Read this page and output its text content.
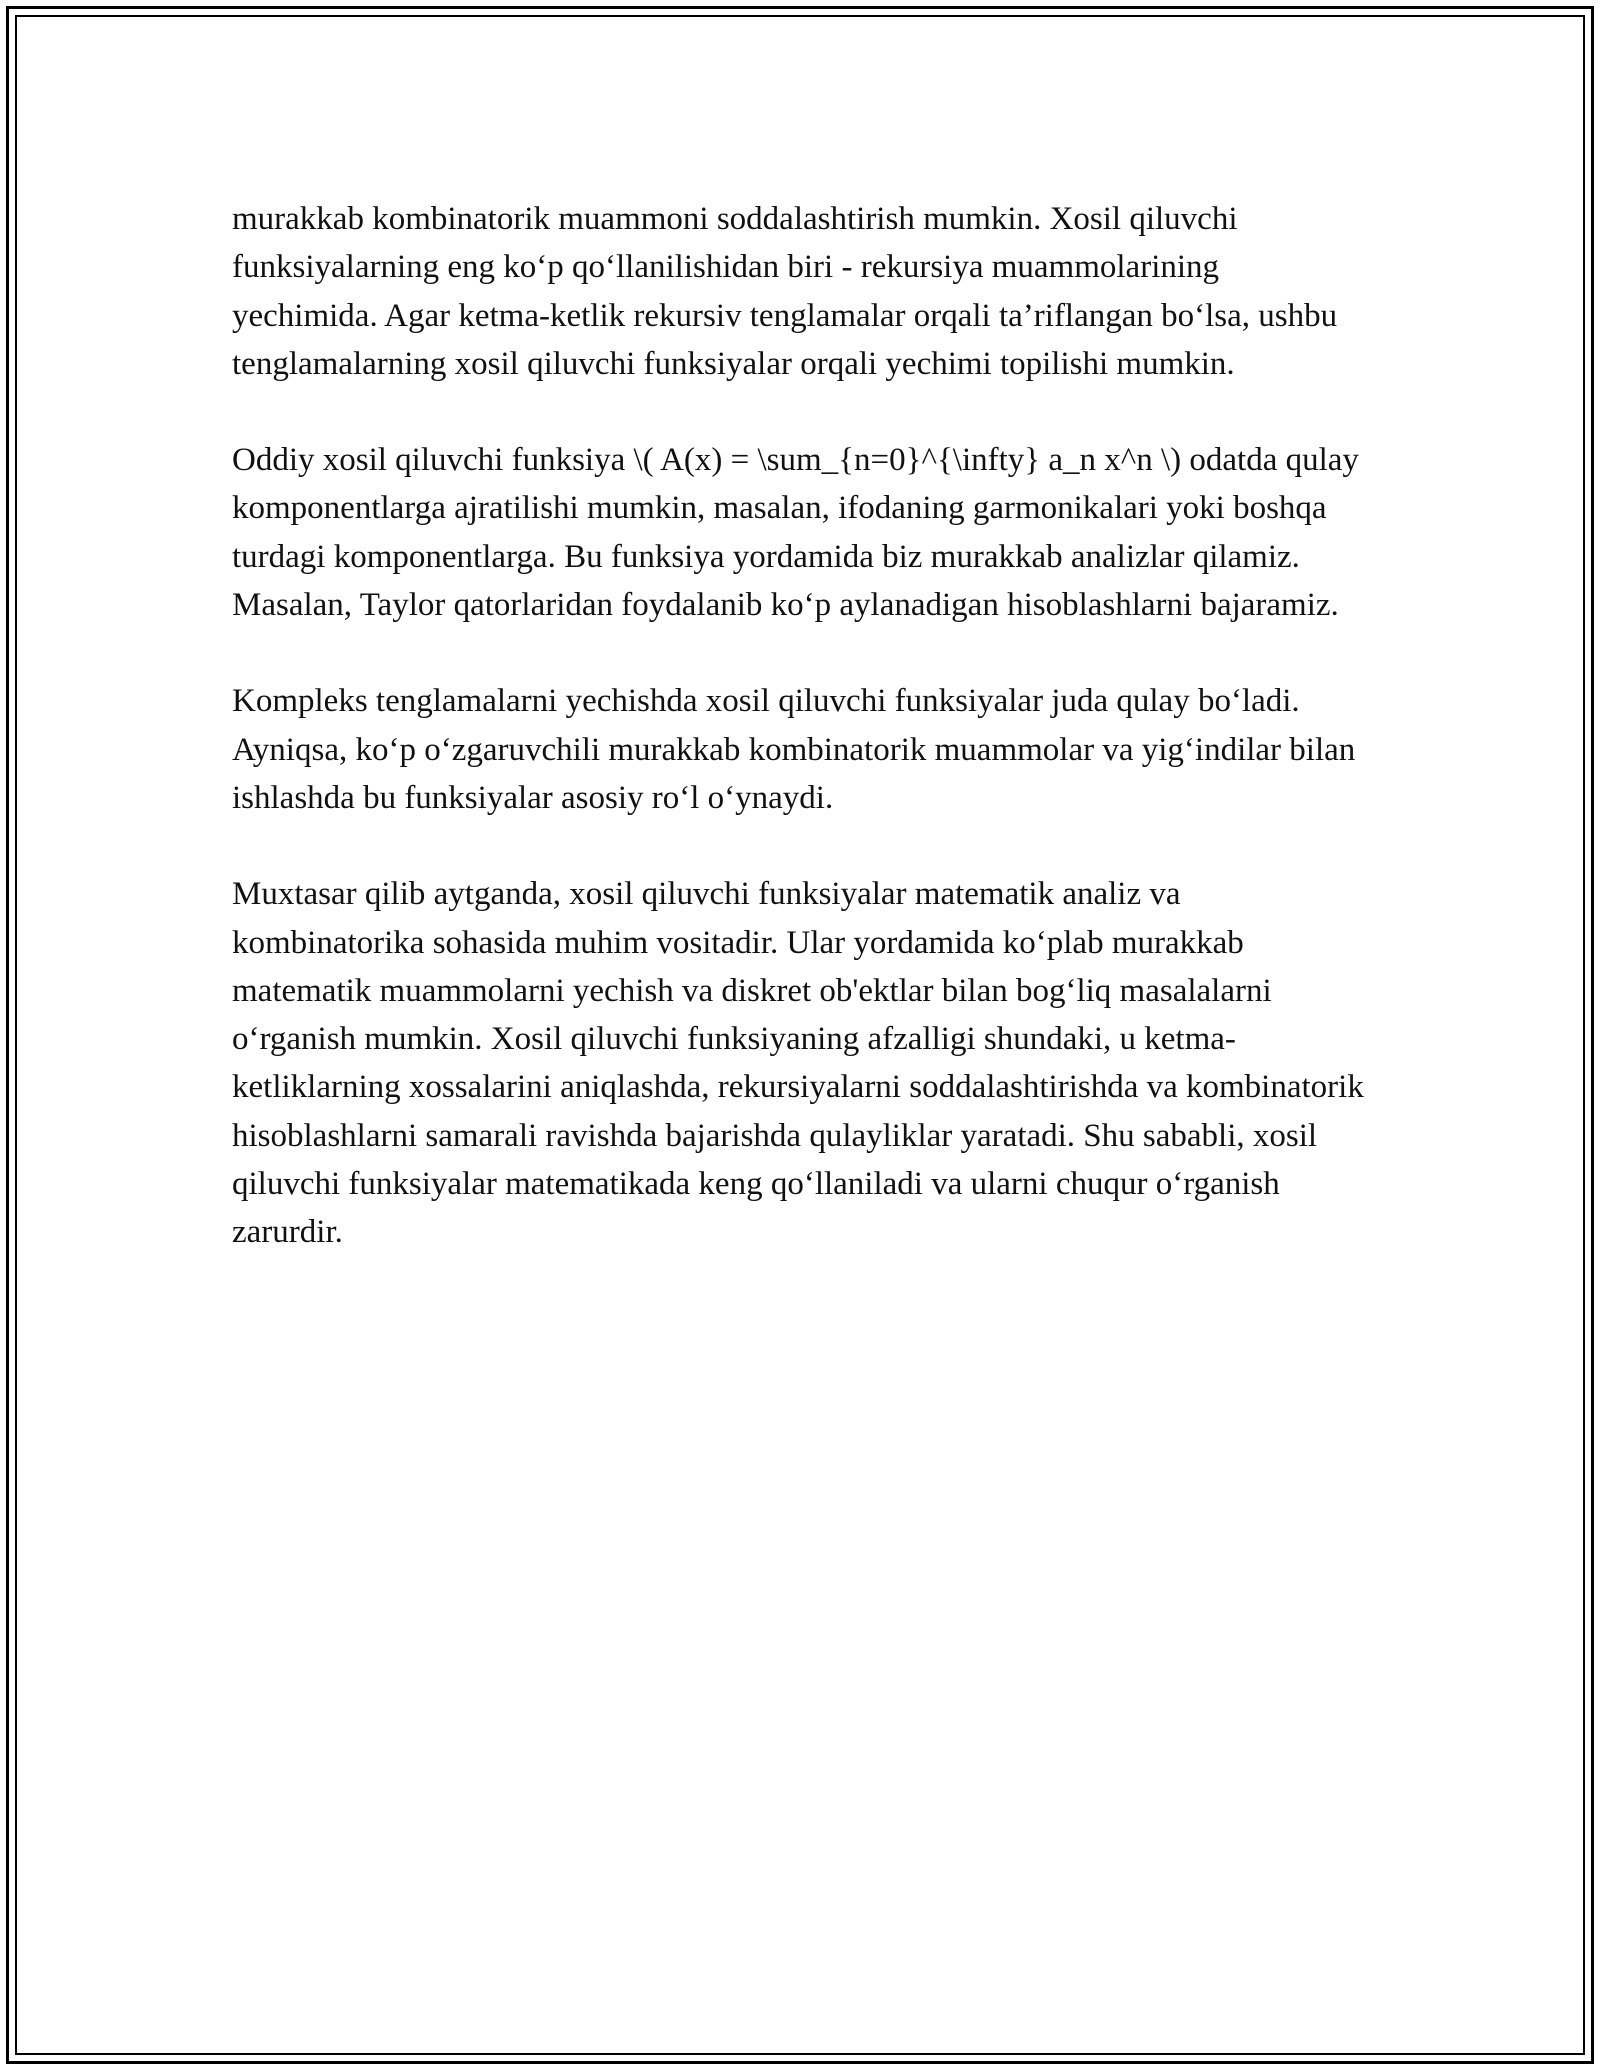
murakkab kombinatorik muammoni soddalashtirish mumkin. Xosil qiluvchi funksiyalarning eng ko‘p qo‘llanilishidan biri - rekursiya muammolarining yechimida. Agar ketma-ketlik rekursiv tenglamalar orqali ta’riflangan bo‘lsa, ushbu tenglamalarning xosil qiluvchi funksiyalar orqali yechimi topilishi mumkin.

Oddiy xosil qiluvchi funksiya \( A(x) = \sum_{n=0}^{\infty} a_n x^n \) odatda qulay komponentlarga ajratilishi mumkin, masalan, ifodaning garmonikalari yoki boshqa turdagi komponentlarga. Bu funksiya yordamida biz murakkab analizlar qilamiz. Masalan, Taylor qatorlaridan foydalanib ko‘p aylanadigan hisoblashlarni bajaramiz.

Kompleks tenglamalarni yechishda xosil qiluvchi funksiyalar juda qulay bo‘ladi. Ayniqsa, ko‘p o‘zgaruvchili murakkab kombinatorik muammolar va yig‘indilar bilan ishlashda bu funksiyalar asosiy ro‘l o‘ynaydi.

Muxtasar qilib aytganda, xosil qiluvchi funksiyalar matematik analiz va kombinatorika sohasida muhim vositadir. Ular yordamida ko‘plab murakkab matematik muammolarni yechish va diskret ob'ektlar bilan bog‘liq masalalarni o‘rganish mumkin. Xosil qiluvchi funksiyaning afzalligi shundaki, u ketma-ketliklarning xossalarini aniqlashda, rekursiyalarni soddalashtirishda va kombinatorik hisoblashlarni samarali ravishda bajarishda qulayliklar yaratadi. Shu sababli, xosil qiluvchi funksiyalar matematikada keng qo‘llaniladi va ularni chuqur o‘rganish zarurdir.
